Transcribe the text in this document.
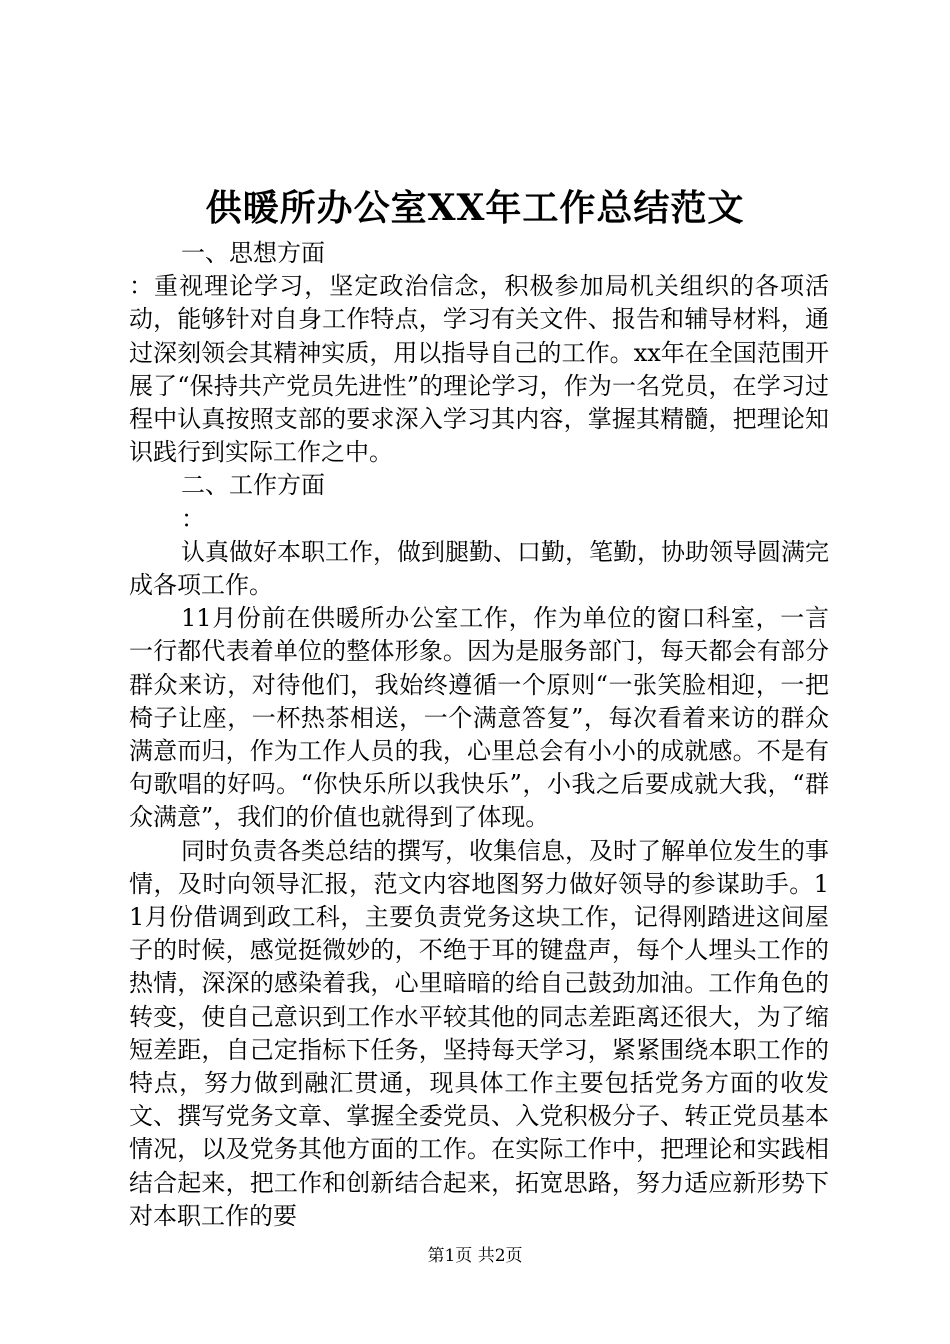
供暖所办公室XX年工作总结范文

一、思想方面

：重视理论学习，坚定政治信念，积极参加局机关组织的各项活动，能够针对自身工作特点，学习有关文件、报告和辅导材料，通过深刻领会其精神实质，用以指导自己的工作。xx年在全国范围开展了“保持共产党员先进性”的理论学习，作为一名党员，在学习过程中认真按照支部的要求深入学习其内容，掌握其精髓，把理论知识践行到实际工作之中。

二、工作方面

：

认真做好本职工作，做到腿勤、口勤，笔勤，协助领导圆满完成各项工作。

11月份前在供暖所办公室工作，作为单位的窗口科室，一言一行都代表着单位的整体形象。因为是服务部门，每天都会有部分群众来访，对待他们，我始终遵循一个原则“一张笑脸相迎，一把椅子让座，一杯热茶相送，一个满意答复”，每次看着来访的群众满意而归，作为工作人员的我，心里总会有小小的成就感。不是有句歌唱的好吗。“你快乐所以我快乐”，小我之后要成就大我，“群众满意”，我们的价值也就得到了体现。

同时负责各类总结的撰写，收集信息，及时了解单位发生的事情，及时向领导汇报，范文内容地图努力做好领导的参谋助手。11月份借调到政工科，主要负责党务这块工作，记得刚踏进这间屋子的时候，感觉挺微妙的，不绝于耳的键盘声，每个人埋头工作的热情，深深的感染着我，心里暗暗的给自己鼓劲加油。工作角色的转变，使自己意识到工作水平较其他的同志差距离还很大，为了缩短差距，自己定指标下任务，坚持每天学习，紧紧围绕本职工作的特点，努力做到融汇贯通，现具体工作主要包括党务方面的收发文、撰写党务文章、掌握全委党员、入党积极分子、转正党员基本情况，以及党务其他方面的工作。在实际工作中，把理论和实践相结合起来，把工作和创新结合起来，拓宽思路，努力适应新形势下对本职工作的要

第1页 共2页
